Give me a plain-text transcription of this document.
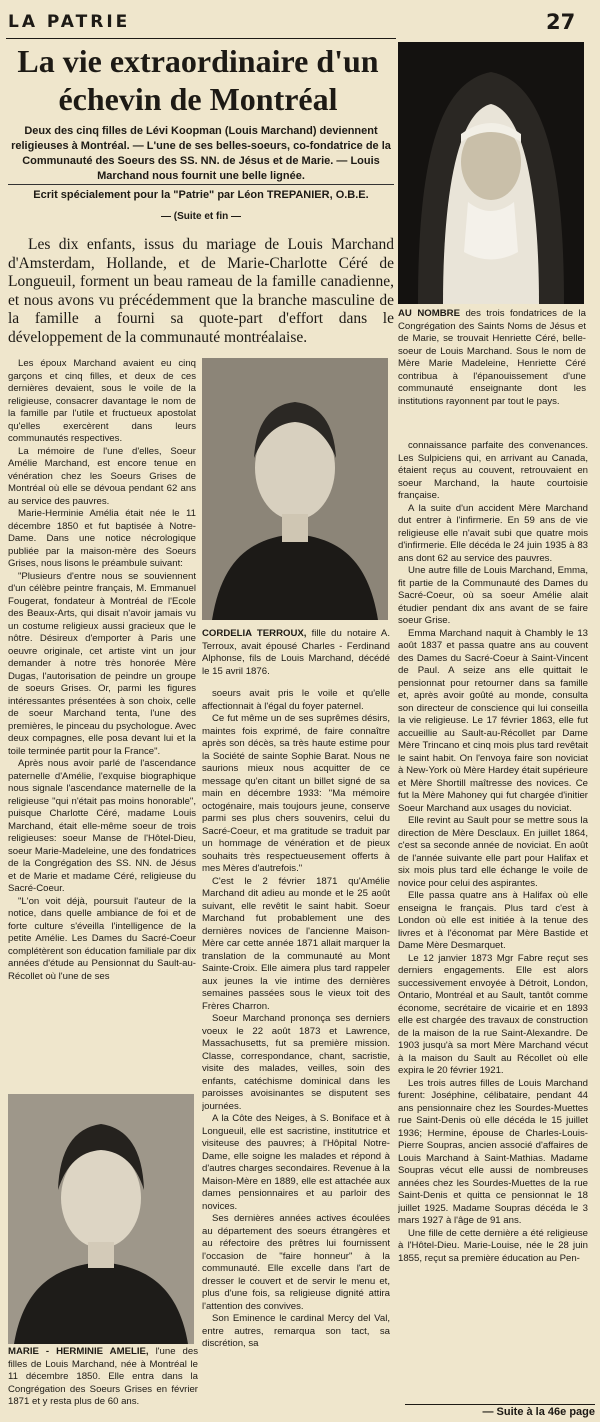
LA PATRIE	27
La vie extraordinaire d'un échevin de Montréal
Deux des cinq filles de Lévi Koopman (Louis Marchand) deviennent religieuses à Montréal. — L'une de ses belles-soeurs, co-fondatrice de la Communauté des Soeurs des SS. NN. de Jésus et de Marie. — Louis Marchand nous fournit une belle lignée.
Ecrit spécialement pour la "Patrie" par Léon TREPANIER, O.B.E.
— (Suite et fin —
Les dix enfants, issus du mariage de Louis Marchand d'Amsterdam, Hollande, et de Marie-Charlotte Céré de Longueuil, forment un beau rameau de la famille canadienne, et nous avons vu précédemment que la branche masculine de la famille a fourni sa quote-part d'effort dans le développement de la communauté montréalaise.
AU NOMBRE des trois fondatrices de la Congrégation des Saints Noms de Jésus et de Marie, se trouvait Henriette Céré, belle-soeur de Louis Marchand. Sous le nom de Mère Marie Madeleine, Henriette Céré contribua à l'épanouissement d'une communauté enseignante dont les institutions rayonnent par tout le pays.

Les époux Marchand avaient eu cinq garçons et cinq filles, et deux de ces dernières devaient, sous le voile de la religieuse, consacrer davantage le nom de la famille par l'utile et fructueux apostolat qu'elles exercèrent dans leurs communautés respectives.

La mémoire de l'une d'elles, Soeur Amélie Marchand, est encore tenue en vénération chez les Soeurs Grises de Montréal où elle se dévoua pendant 62 ans au service des pauvres.

Marie-Herminie Amélia était née le 11 décembre 1850 et fut baptisée à Notre-Dame. Dans une notice nécrologique publiée par la maison-mère des Soeurs Grises, nous lisons le préambule suivant:

"Plusieurs d'entre nous se souviennent d'un célèbre peintre français, M. Emmanuel Fougerat, fondateur à Montréal de l'Ecole des Beaux-Arts, qui disait n'avoir jamais vu un costume religieux aussi gracieux que le nôtre. Désireux d'emporter à Paris une oeuvre originale, cet artiste vint un jour demander à notre très honorée Mère Dugas, l'autorisation de peindre un groupe de soeurs Grises. Or, parmi les figures intéressantes présentées à son choix, celle de soeur Marchand tenta, l'une des premières, le pinceau du psychologue. Avec deux compagnes, elle posa devant lui et la toile terminée partit pour la France".

Après nous avoir parlé de l'ascendance paternelle d'Amélie, l'exquise biographique nous signale l'ascendance maternelle de la religieuse "qui n'était pas moins honorable", puisque Charlotte Céré, madame Louis Marchand, était elle-même soeur de trois religieuses: soeur Manse de l'Hôtel-Dieu, soeur Marie-Madeleine, une des fondatrices de la Congrégation des SS. NN. de Jésus et de Marie et madame Céré, religieuse du Sacré-Coeur.

"L'on voit déjà, poursuit l'auteur de la notice, dans quelle ambiance de foi et de forte culture s'éveilla l'intelligence de la petite Amélie. Les Dames du Sacré-Coeur complétèrent son éducation familiale par dix années d'étude au Pensionnat du Sault-au-Récollet où l'une de ses

CORDELIA TERROUX, fille du notaire A. Terroux, avait épousé Charles - Ferdinand Alphonse, fils de Louis Marchand, décédé le 15 avril 1876.

soeurs avait pris le voile et qu'elle affectionnait à l'égal du foyer paternel.

Ce fut même un de ses suprêmes désirs, maintes fois exprimé, de faire connaître après son décès, sa très haute estime pour la Société de sainte Sophie Barat. Nous ne saurions mieux nous acquitter de ce message qu'en citant un billet signé de sa main en décembre 1933: "Ma mémoire octogénaire, mais toujours jeune, conserve parmi ses plus chers souvenirs, celui du Sacré-Coeur, et ma gratitude se traduit par un hommage de vénération et de pieux souhaits très respectueusement offerts à mes Mères d'autrefois."

C'est le 2 février 1871 qu'Amélie Marchand dit adieu au monde et le 25 août suivant, elle revêtit le saint habit. Soeur Marchand fut probablement une des dernières novices de l'ancienne Maison-Mère car cette année 1871 allait marquer la translation de la communauté au Mont Sainte-Croix. Elle aimera plus tard rappeler aux jeunes la vie intime des dernières semaines passées sous le vieux toit des Frères Charron.

Soeur Marchand prononça ses derniers voeux le 22 août 1873 et Lawrence, Massachusetts, fut sa première mission. Classe, correspondance, chant, sacristie, visite des malades, veilles, soin des enfants, catéchisme dominical dans les paroisses avoisinantes se disputent ses journées.

A la Côte des Neiges, à S. Boniface et à Longueuil, elle est sacristine, institutrice et visiteuse des pauvres; à l'Hôpital Notre-Dame, elle soigne les malades et répond à d'autres charges secondaires. Revenue à la Maison-Mère en 1889, elle est attachée aux dames pensionnaires et au parloir des novices.

Ses dernières années actives écoulées au département des soeurs étrangères et au réfectoire des prêtres lui fournissent l'occasion de "faire honneur" à la communauté. Elle excelle dans l'art de dresser le couvert et de servir le menu et, plus d'une fois, sa religieuse dignité attira l'attention des convives.

Son Eminence le cardinal Mercy del Val, entre autres, remarqua son tact, sa discrétion, sa

connaissance parfaite des convenances. Les Sulpiciens qui, en arrivant au Canada, étaient reçus au couvent, retrouvaient en soeur Marchand, la haute courtoisie française.

A la suite d'un accident Mère Marchand dut entrer à l'infirmerie. En 59 ans de vie religieuse elle n'avait subi que quatre mois d'infirmerie. Elle décéda le 24 juin 1935 à 83 ans dont 62 au service des pauvres.

Une autre fille de Louis Marchand, Emma, fit partie de la Communauté des Dames du Sacré-Coeur, où sa soeur Amélie alait étudier pendant dix ans avant de se faire soeur Grise.

Emma Marchand naquit à Chambly le 13 août 1837 et passa quatre ans au couvent des Dames du Sacré-Coeur à Saint-Vincent de Paul. A seize ans elle quittait le pensionnat pour retourner dans sa famille et, après avoir goûté au monde, consulta son directeur de conscience qui lui conseilla la vie religieuse. Le 17 février 1863, elle fut accueillie au Sault-au-Récollet par Dame Mère Trincano et cinq mois plus tard revêtait le saint habit. On l'envoya faire son noviciat à New-York où Mère Hardey était supérieure et Mère Shortill maîtresse des novices. Ce fut la Mère Mahoney qui fut chargée d'initier Soeur Marchand aux usages du noviciat.

Elle revint au Sault pour se mettre sous la direction de Mère Desclaux. En juillet 1864, c'est sa seconde année de noviciat. En août de l'année suivante elle part pour Halifax et six mois plus tard elle échange le voile de novice pour celui des aspirantes.

Elle passa quatre ans à Halifax où elle enseigna le français. Plus tard c'est à London où elle est initiée à la tenue des livres et à l'économat par Mère Bastide et Dame Mère Desmarquet.

Le 12 janvier 1873 Mgr Fabre reçut ses derniers engagements. Elle est alors successivement envoyée à Détroit, London, Ontario, Montréal et au Sault, tantôt comme économe, secrétaire de vicairie et en 1893 elle est chargée des travaux de construction de la maison de la rue Saint-Alexandre. De 1903 jusqu'à sa mort Mère Marchand vécut à la maison du Sault au Récollet où elle expira le 20 février 1921.

Les trois autres filles de Louis Marchand furent: Joséphine, célibataire, pendant 44 ans pensionnaire chez les Sourdes-Muettes rue Saint-Denis où elle décéda le 15 juillet 1936; Hermine, épouse de Charles-Louis-Pierre Soupras, ancien associé d'affaires de Louis Marchand à Saint-Mathias. Madame Soupras vécut elle aussi de nombreuses années chez les Sourdes-Muettes de la rue Saint-Denis et quitta ce pensionnat le 18 juillet 1925. Madame Soupras décéda le 3 mars 1927 à l'âge de 91 ans.

Une fille de cette dernière a été religieuse à l'Hôtel-Dieu. Marie-Louise, née le 28 juin 1855, reçut sa première éducation au Pen-

MARIE - HERMINIE AMELIE, l'une des filles de Louis Marchand, née à Montréal le 11 décembre 1850. Elle entra dans la Congrégation des Soeurs Grises en février 1871 et y resta plus de 60 ans.
— Suite à la 46e page
